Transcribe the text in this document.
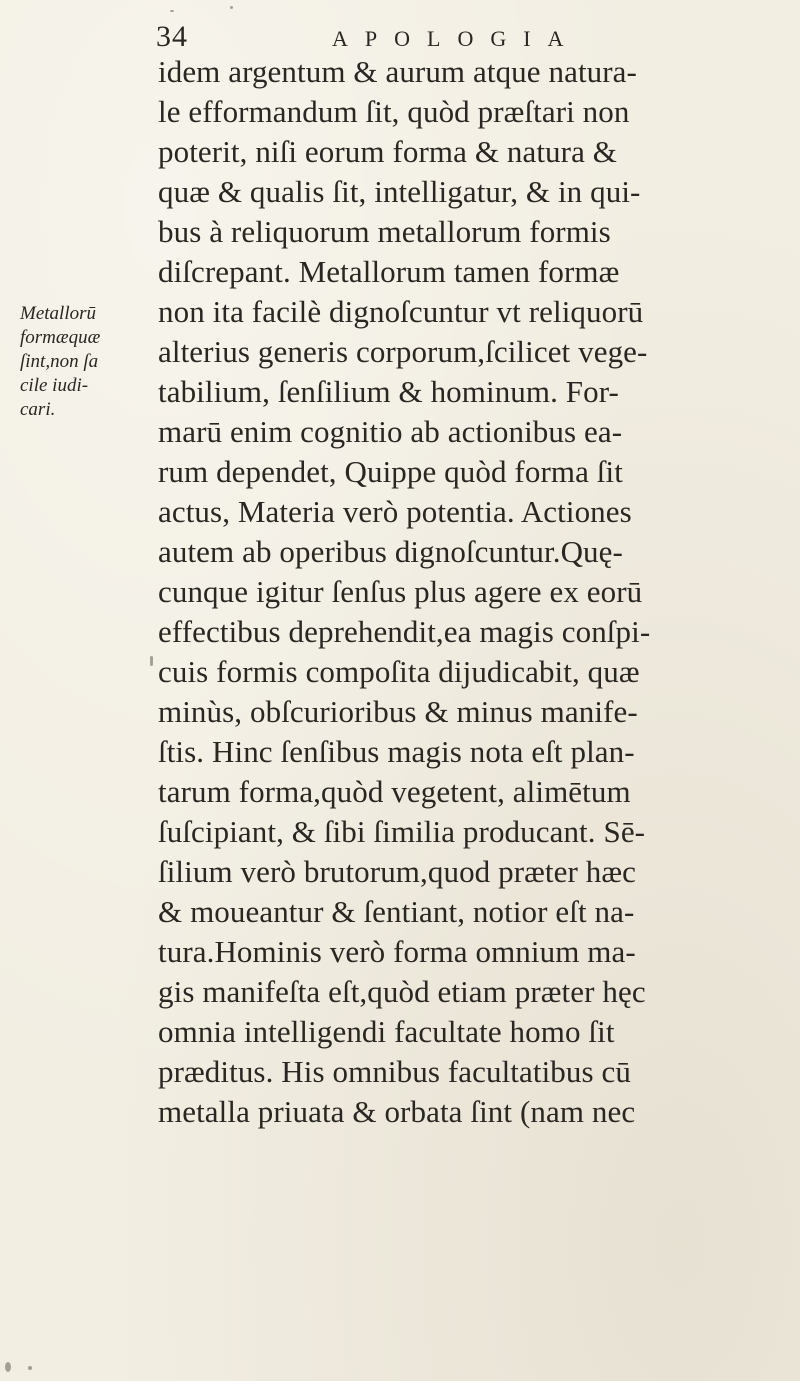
34	APOLOGIA
Metallorū
formæquæ
ſint,non ſa
cile iudi-
cari.
idem argentum & aurum atque natura-
le efformandum ſit, quòd præſtari non
poterit, niſi eorum forma & natura &
quæ & qualis ſit, intelligatur, & in qui-
bus à reliquorum metallorum formis
diſcrepant. Metallorum tamen formæ
non ita facilè dignoſcuntur vt reliquorū
alterius generis corporum,ſcilicet vege-
tabilium, ſenſilium & hominum. For-
marū enim cognitio ab actionibus ea-
rum dependet, Quippe quòd forma ſit
actus, Materia verò potentia. Actiones
autem ab operibus dignoſcuntur.Quę-
cunque igitur ſenſus plus agere ex eorū
effectibus deprehendit,ea magis conſpi-
cuis formis compoſita dijudicabit, quæ
minùs, obſcurioribus & minus manife-
ſtis. Hinc ſenſibus magis nota eſt plan-
tarum forma,quòd vegetent, alimētum
ſuſcipiant, & ſibi ſimilia producant. Sē-
ſilium verò brutorum,quod præter hæc
& moueantur & ſentiant, notior eſt na-
tura.Hominis verò forma omnium ma-
gis manifeſta eſt,quòd etiam præter hęc
omnia intelligendi facultate homo ſit
præditus. His omnibus facultatibus cū
metalla priuata & orbata ſint (nam nec
